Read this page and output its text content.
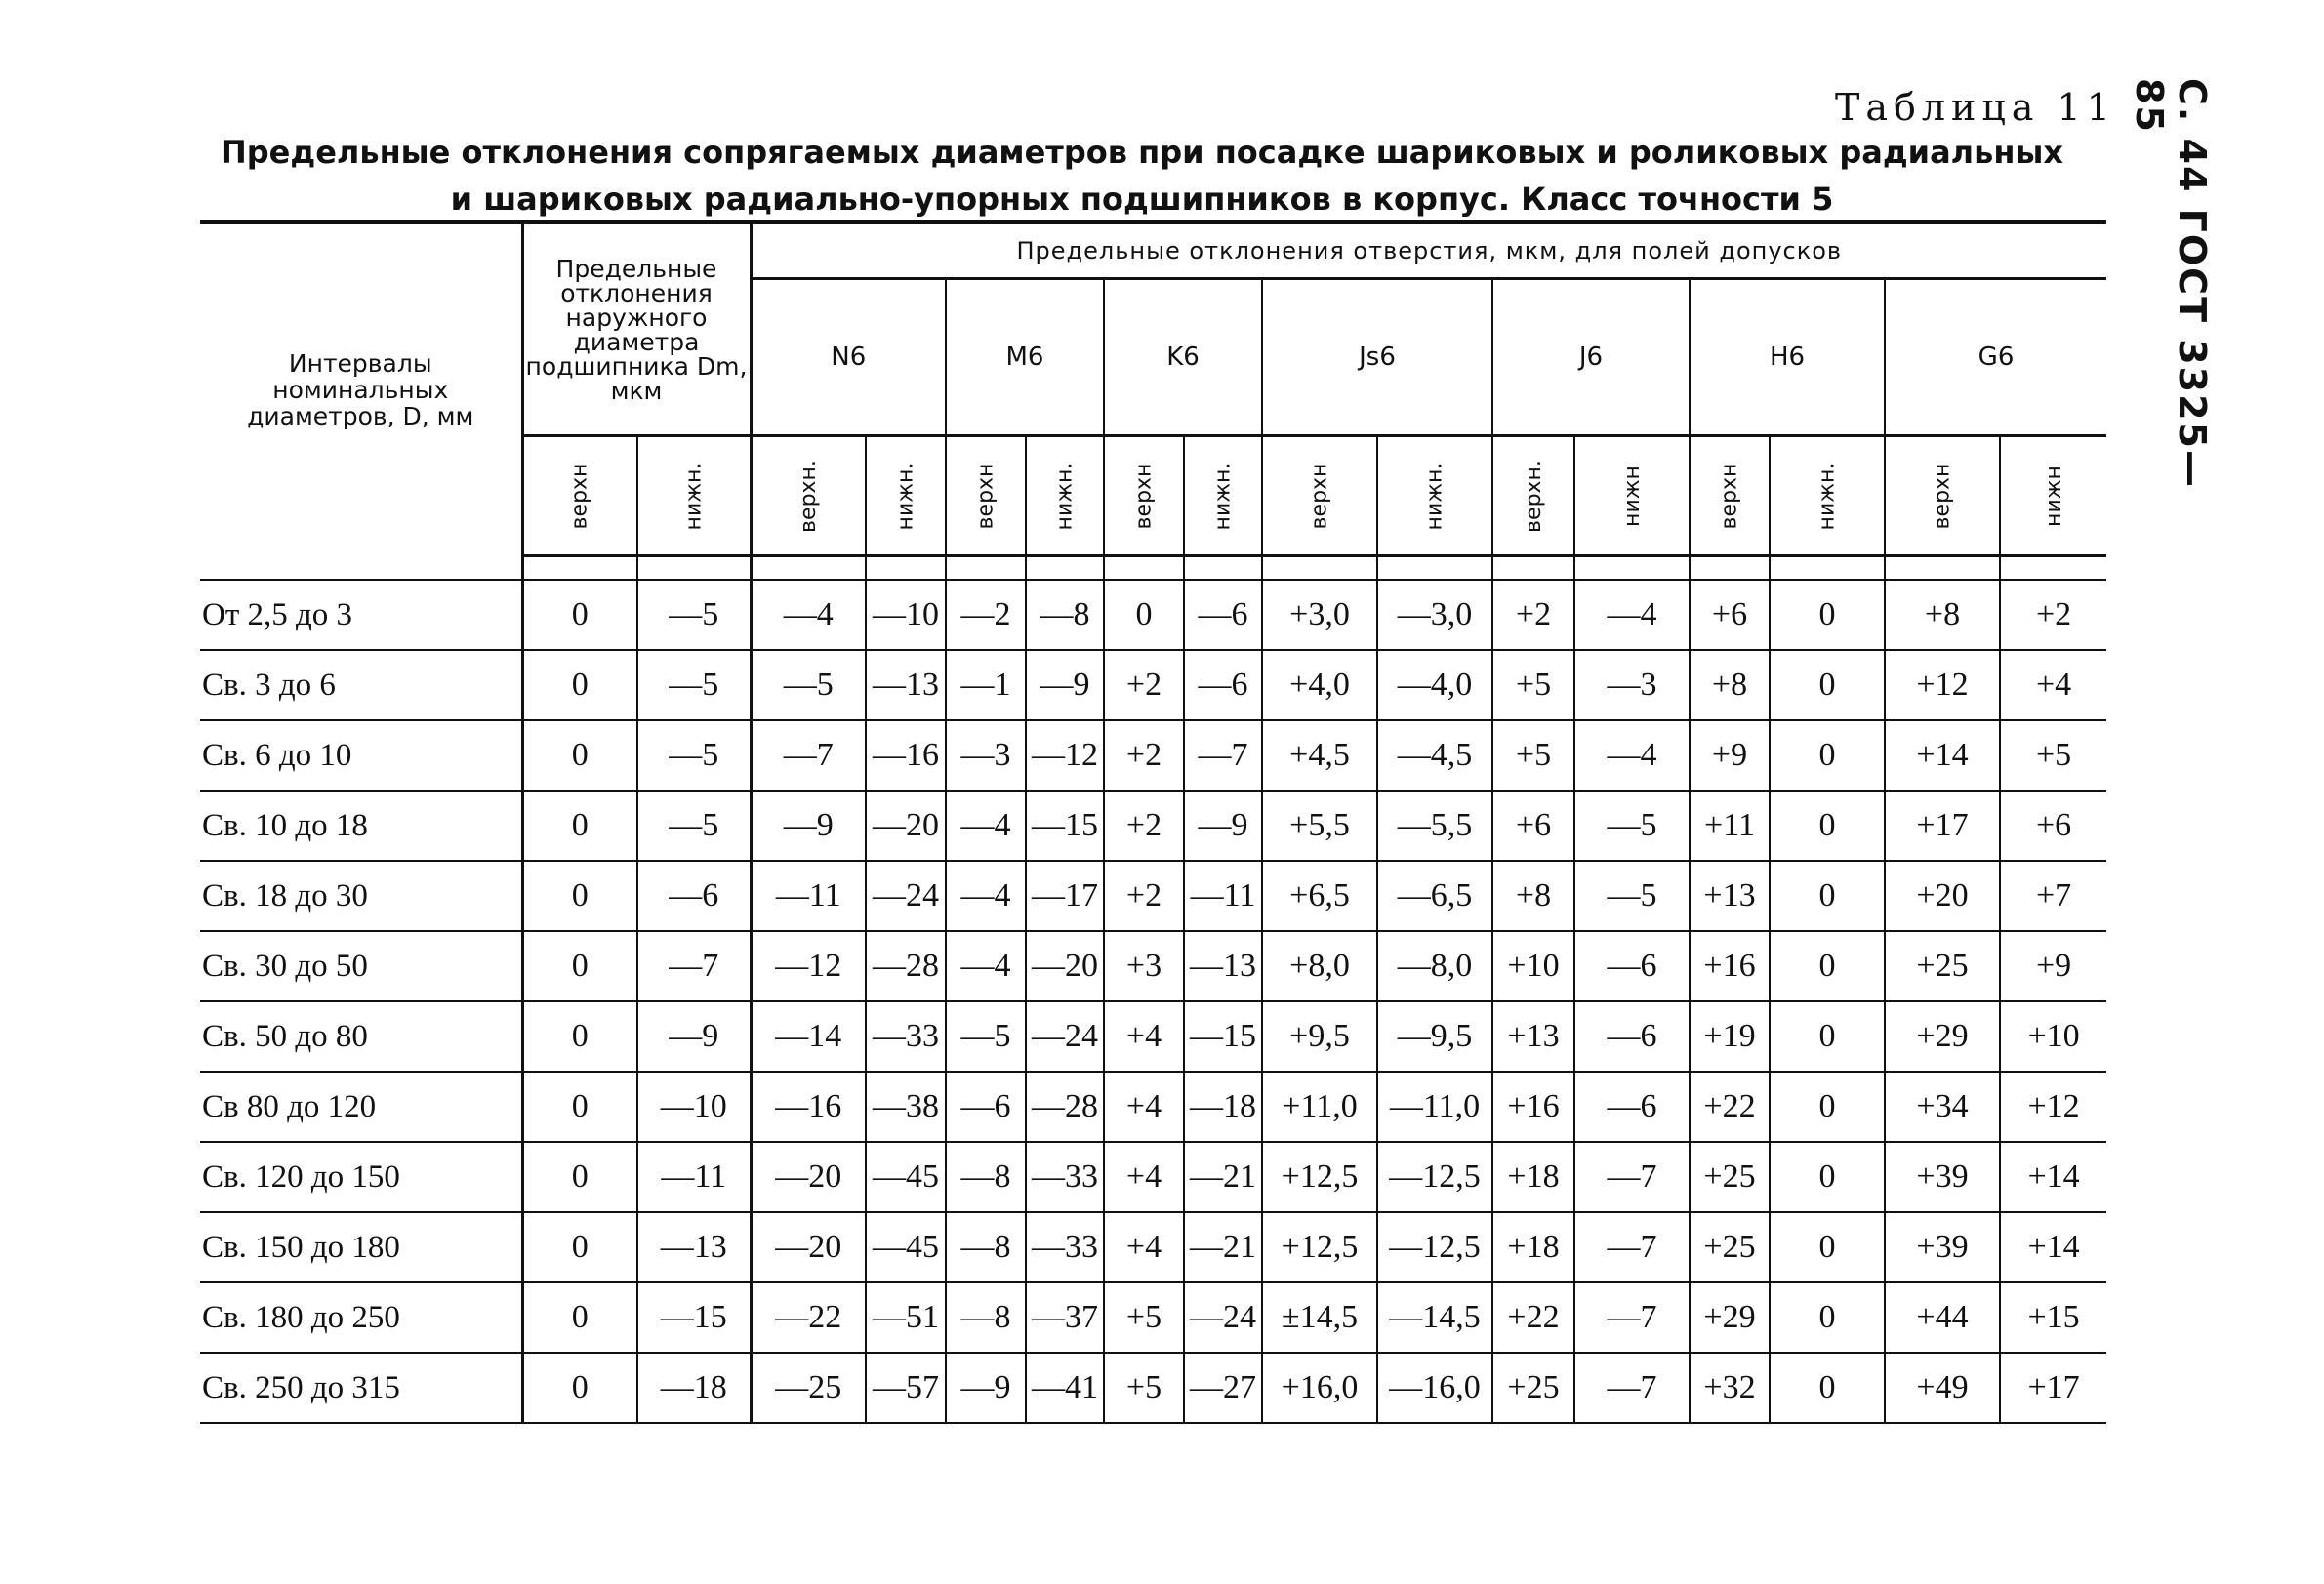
Таблица 11	С. 44 ГОСТ 3325—85
Предельные отклонения сопрягаемых диаметров при посадке шариковых и роликовых радиальных
и шариковых радиально-упорных подшипников в корпус. Класс точности 5
Интервалы номинальных диаметров, D, мм	Предельные отклонения наружного диаметра подшипника Dm, мкм		Предельные отклонения отверстия, мкм, для полей допусков													
			N6		M6		K6		Js6		J6		H6		G6	
	верхн	нижн.	верхн.	нижн.	верхн	нижн.	верхн	нижн.	верхн	нижн.	верхн.	нижн	верхн	нижн.	верхн	нижн

От 2,5 до 3	0	—5	—4	—10	—2	—8	0	—6	+3,0	—3,0	+2	—4	+6	0	+8	+2
Св. 3 до 6	0	—5	—5	—13	—1	—9	+2	—6	+4,0	—4,0	+5	—3	+8	0	+12	+4
Св. 6 до 10	0	—5	—7	—16	—3	—12	+2	—7	+4,5	—4,5	+5	—4	+9	0	+14	+5
Св. 10 до 18	0	—5	—9	—20	—4	—15	+2	—9	+5,5	—5,5	+6	—5	+11	0	+17	+6
Св. 18 до 30	0	—6	—11	—24	—4	—17	+2	—11	+6,5	—6,5	+8	—5	+13	0	+20	+7
Св. 30 до 50	0	—7	—12	—28	—4	—20	+3	—13	+8,0	—8,0	+10	—6	+16	0	+25	+9
Св. 50 до 80	0	—9	—14	—33	—5	—24	+4	—15	+9,5	—9,5	+13	—6	+19	0	+29	+10
Св 80 до 120	0	—10	—16	—38	—6	—28	+4	—18	+11,0	—11,0	+16	—6	+22	0	+34	+12
Св. 120 до 150	0	—11	—20	—45	—8	—33	+4	—21	+12,5	—12,5	+18	—7	+25	0	+39	+14
Св. 150 до 180	0	—13	—20	—45	—8	—33	+4	—21	+12,5	—12,5	+18	—7	+25	0	+39	+14
Св. 180 до 250	0	—15	—22	—51	—8	—37	+5	—24	±14,5	—14,5	+22	—7	+29	0	+44	+15
Св. 250 до 315	0	—18	—25	—57	—9	—41	+5	—27	+16,0	—16,0	+25	—7	+32	0	+49	+17
